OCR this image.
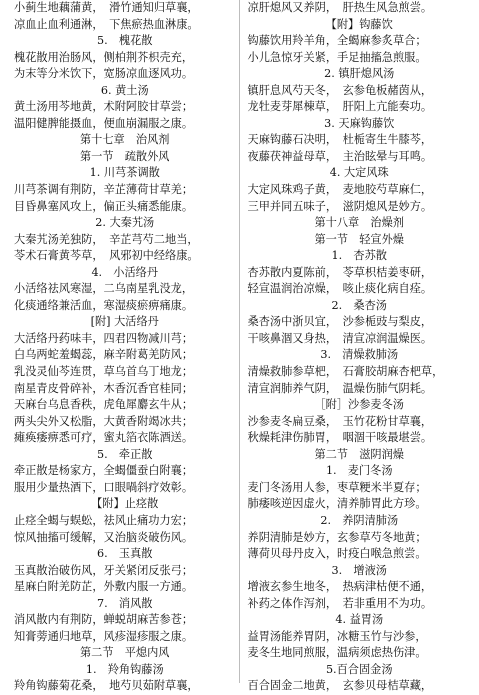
小蓟生地藕蒲黄，　滑竹通知归草襄，
凉血止血利通淋，　下焦瘀热血淋康。
5.　槐花散
槐花散用治肠风，侧柏荆芥枳壳充，
为末等分米饮下，宽肠凉血逐风功。
6. 黄土汤
黄土汤用芩地黄，术附阿胶甘草尝；
温阳健脾能摄血，便血崩漏服之康。
第十七章　治风剂
第一节　疏散外风
1. 川芎茶调散
川芎茶调有荆防，辛芷薄荷甘草羌；
目昏鼻塞风攻上，偏正头痛悉能康。
2. 大秦艽汤
大秦艽汤羌独防，　辛芷芎芍二地当，
苓术石膏黄芩草，　风邪初中经络康。
4.　小活络丹
小活络祛风寒湿，二乌南星乳没龙，
化痰通络兼活血，寒湿痰瘀痹痛康。
[附] 大活络丹
大活络丹药味丰，四君四物减川芎；
白乌两蛇羞蝎蕊，麻辛附葛羌防风；
乳没灵仙芩连贯，草乌首乌丁地龙；
南星青皮骨碎补，木香沉香官桂同；
天麻台乌息香秩，虎龟犀麝玄牛从；
两头尖外又松脂，大黄香附竭冰共；
瘫痪痿痹悉可疗，蜜丸箔衣陈酒送。
5.　牵正散
牵正散是杨家方，全蝎僵蚕白附襄；
服用少量热酒下，口眼喎斜疗效彰。
【附】止痉散
止痉全蝎与蜈蚣，祛风止痛功力宏；
惊风抽搐可缓解，又治脑炎破伤风。
6.　玉真散
玉真散治破伤风，牙关紧闭反张弓；
星麻白附羌防芷，外敷内服一方通。
7.　消风散
消风散内有荆防，蝉蜕胡麻苦参苍；
知膏蒡通归地草，风疹湿疹服之康。
第二节　平熄内风
1.　羚角钩藤汤
羚角钩藤菊花桑，　地芍贝茹附草襄，
凉肝熄风又养阴，　肝热生风急煎尝。
【附】钩藤饮
钩藤饮用羚羊角，全蝎麻参炙草合；
小儿急惊牙关紧，手足抽搐急煎服。
2. 镇肝熄风汤
镇肝息风芍天冬，　玄参龟板赭茵从，
龙牡麦芽犀棟草，　肝阳上亢能奏功。
3. 天麻钩藤饮
天麻钩藤石决明，　杜栀寄生牛膝芩，
夜藤茯神益母草，　主治眩晕与耳鸣。
4. 大定风珠
大定风珠鸡子黄，　麦地胶芍草麻仁，
三甲并同五味子，　滋阴熄风是妙方。
第十八章　治燥剂
第一节　轻宣外燥
1.　杏苏散
杏苏散内夏陈前，　苓草枳桔姜枣研，
轻宣温润治凉燥，　咳止痰化病自痊。
2.　桑杏汤
桑杏汤中浙贝宜，　沙参栀豉与梨皮，
干咳鼻涸又身热，　清宣凉润温燥医。
3.　清燥救肺汤
清燥救肺参草杷，　石膏胶胡麻杏杷草，
清宣润肺养气阴，　温燥伤肺气阴耗。
［附］沙参麦冬汤
沙参麦冬扁豆桑，　玉竹花粉甘草襄，
秋燥耗津伤肺胃，　咽涸干咳最堪尝。
第二节　滋阴润燥
1.　麦门冬汤
麦门冬汤用人参，枣草粳米半夏存；
肺痿咳逆因虚火，清养肺胃此方珍。
2.　养阴清肺汤
养阴清肺是妙方，玄参草芍冬地黄；
薄荷贝母丹皮入，时疫白喉急煎尝。
3.　增液汤
增液玄参生地冬，　热病津枯便不通，
补药之体作泻剂，　若非重用不为功。
4. 益胃汤
益胃汤能养胃阴，冰糖玉竹与沙参，
麦冬生地同煎服，温病须虑热伤津。
5.百合固金汤
百合固金二地黄，　玄参贝母桔草藏，
